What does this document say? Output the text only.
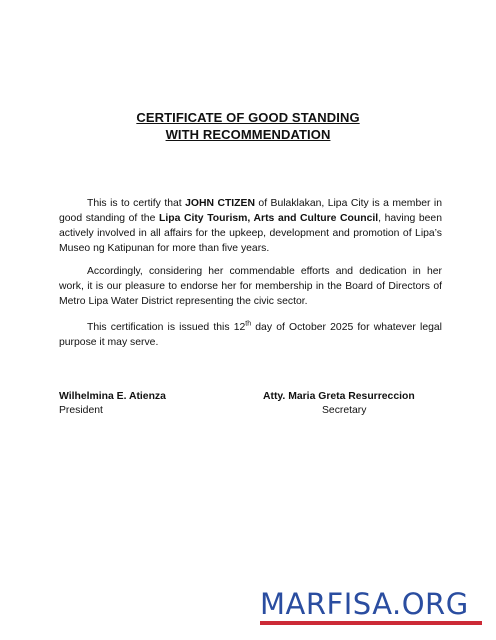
CERTIFICATE OF GOOD STANDING
WITH RECOMMENDATION

This is to certify that JOHN CTIZEN of Bulaklakan, Lipa City is a member in good standing of the Lipa City Tourism, Arts and Culture Council, having been actively involved in all affairs for the upkeep, development and promotion of Lipa’s Museo ng Katipunan for more than five years.

Accordingly, considering her commendable efforts and dedication in her work, it is our pleasure to endorse her for membership in the Board of Directors of Metro Lipa Water District representing the civic sector.

This certification is issued this 12th day of October 2025 for whatever legal purpose it may serve.

Wilhelmina E. Atienza
President
Atty. Maria Greta Resurreccion
Secretary
MARFISA.ORG
